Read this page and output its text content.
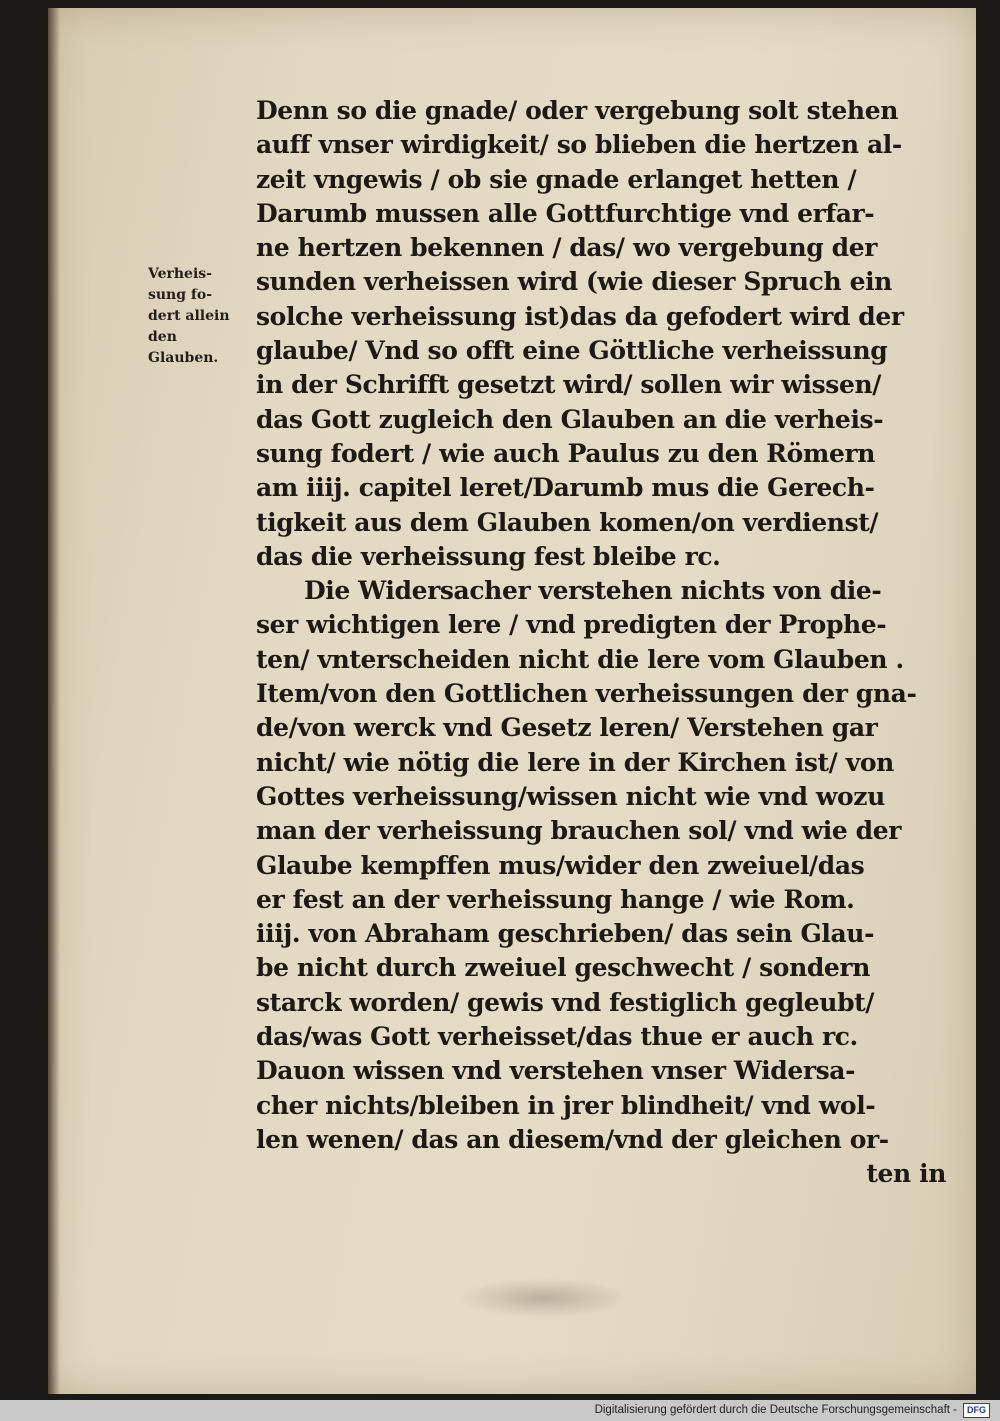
Verheis-
sung fo-
dert allein
den
Glauben.
Denn so die gnade/ oder vergebung solt stehen
auff vnser wirdigkeit/ so blieben die hertzen al-
zeit vngewis / ob sie gnade erlanget hetten /
Darumb mussen alle Gottfurchtige vnd erfar-
ne hertzen bekennen / das/ wo vergebung der
sunden verheissen wird (wie dieser Spruch ein
solche verheissung ist)das da gefodert wird der
glaube/ Vnd so offt eine Göttliche verheissung
in der Schrifft gesetzt wird/ sollen wir wissen/
das Gott zugleich den Glauben an die verheis-
sung fodert / wie auch Paulus zu den Römern
am iiij. capitel leret/Darumb mus die Gerech-
tigkeit aus dem Glauben komen/on verdienst/
das die verheissung fest bleibe rc.
Die Widersacher verstehen nichts von die-
ser wichtigen lere / vnd predigten der Prophe-
ten/ vnterscheiden nicht die lere vom Glauben .
Item/von den Gottlichen verheissungen der gna-
de/von werck vnd Gesetz leren/ Verstehen gar
nicht/ wie nötig die lere in der Kirchen ist/ von
Gottes verheissung/wissen nicht wie vnd wozu
man der verheissung brauchen sol/ vnd wie der
Glaube kempffen mus/wider den zweiuel/das
er fest an der verheissung hange / wie Rom.
iiij. von Abraham geschrieben/ das sein Glau-
be nicht durch zweiuel geschwecht / sondern
starck worden/ gewis vnd festiglich gegleubt/
das/was Gott verheisset/das thue er auch rc.
Dauon wissen vnd verstehen vnser Widersa-
cher nichts/bleiben in jrer blindheit/ vnd wol-
len wenen/ das an diesem/vnd der gleichen or-
ten in
Digitalisierung gefördert durch die Deutsche Forschungsgemeinschaft -	DFG
